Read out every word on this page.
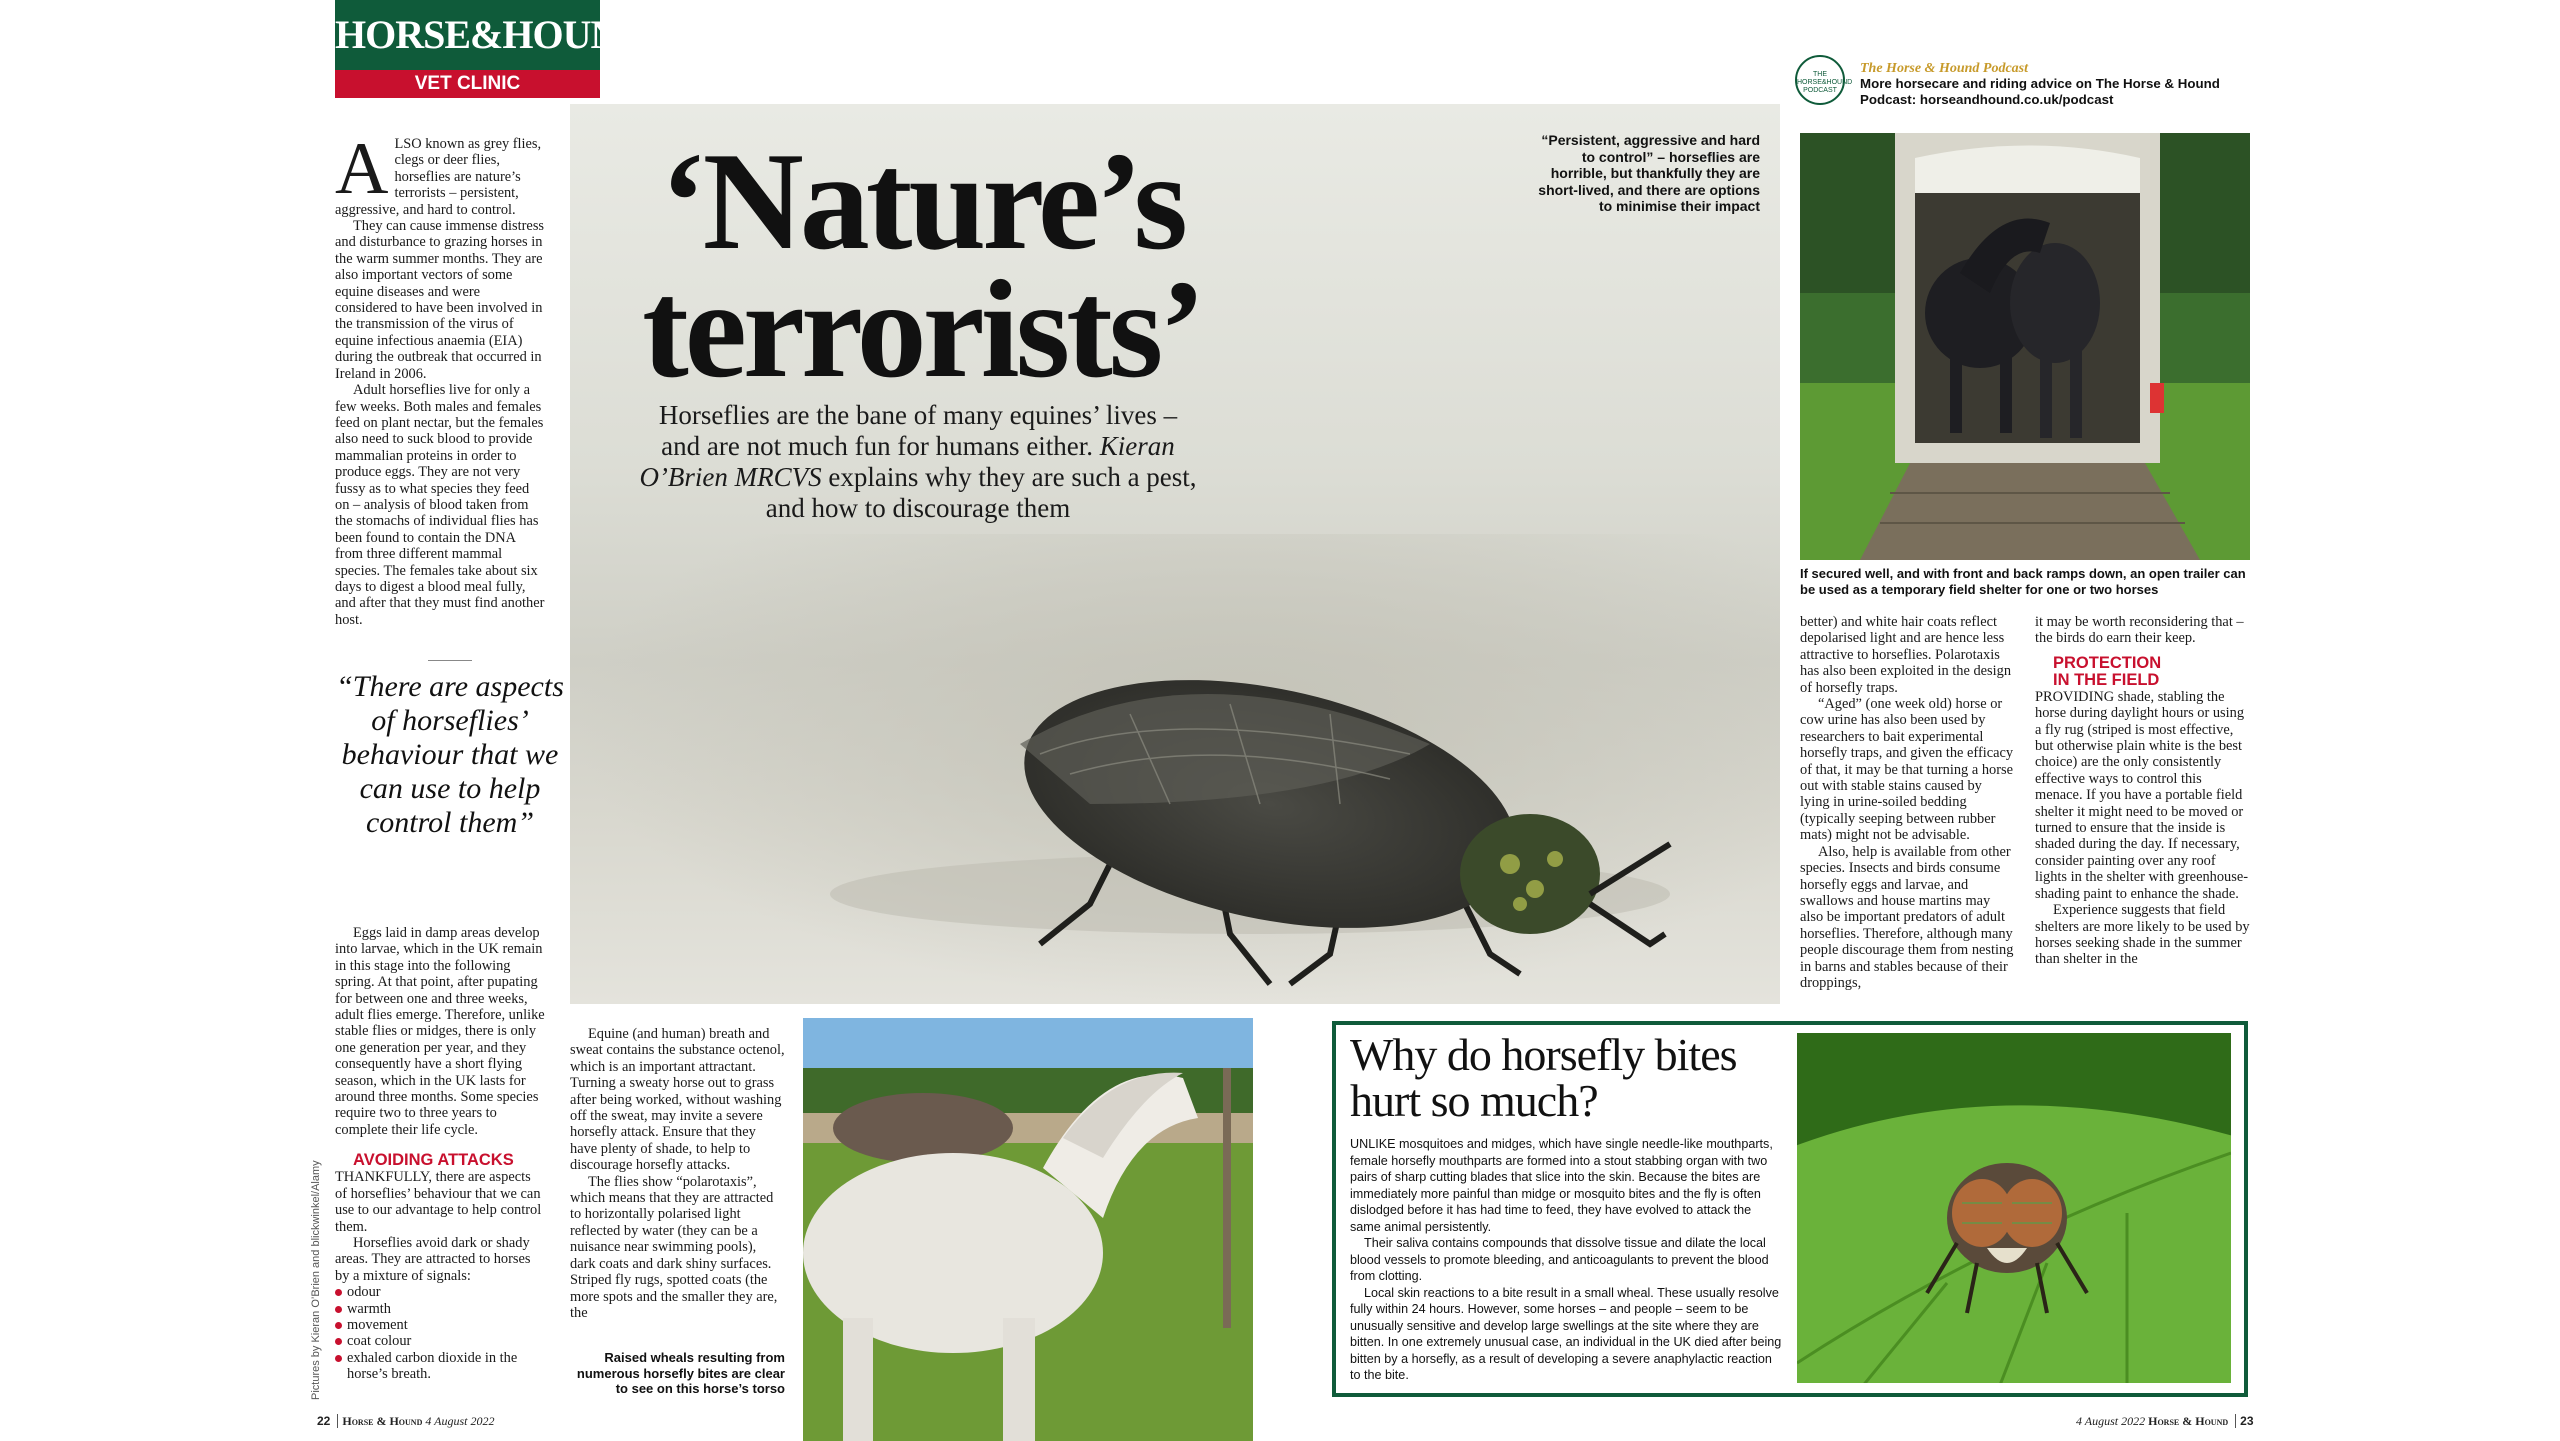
HORSE&HOUND
VET CLINIC
‘Nature’s
terrorists’
Horseflies are the bane of many equines’ lives – and are not much fun for humans either. Kieran O’Brien MRCVS explains why they are such a pest, and how to discourage them
“Persistent, aggressive and hard to control” – horseflies are horrible, but thankfully they are short-lived, and there are options to minimise their impact

ALSO known as grey flies, clegs or deer flies, horseflies are nature’s terrorists – persistent, aggressive, and hard to control.

They can cause immense distress and disturbance to grazing horses in the warm summer months. They are also important vectors of some equine diseases and were considered to have been involved in the transmission of the virus of equine infectious anaemia (EIA) during the outbreak that occurred in Ireland in 2006.

Adult horseflies live for only a few weeks. Both males and females feed on plant nectar, but the females also need to suck blood to provide mammalian proteins in order to produce eggs. They are not very fussy as to what species they feed on – analysis of blood taken from the stomachs of individual flies has been found to contain the DNA from three different mammal species. The females take about six days to digest a blood meal fully, and after that they must find another host.

“There are aspects of horseflies’ behaviour that we can use to help control them”

Eggs laid in damp areas develop into larvae, which in the UK remain in this stage into the following spring. At that point, after pupating for between one and three weeks, adult flies emerge. Therefore, unlike stable flies or midges, there is only one generation per year, and they consequently have a short flying season, which in the UK lasts for around three months. Some species require two to three years to complete their life cycle.

AVOIDING ATTACKS

THANKFULLY, there are aspects of horseflies’ behaviour that we can use to our advantage to help control them.

Horseflies avoid dark or shady areas. They are attracted to horses by a mixture of signals:

odour
warmth
movement
coat colour
exhaled carbon dioxide in the horse’s breath.
Pictures by Kieran O’Brien and blickwinkel/Alamy

Equine (and human) breath and sweat contains the substance octenol, which is an important attractant. Turning a sweaty horse out to grass after being worked, without washing off the sweat, may invite a severe horsefly attack. Ensure that they have plenty of shade, to help to discourage horsefly attacks.

The flies show “polarotaxis”, which means that they are attracted to horizontally polarised light reflected by water (they can be a nuisance near swimming pools), dark coats and dark shiny surfaces. Striped fly rugs, spotted coats (the more spots and the smaller they are, the

Raised wheals resulting from numerous horsefly bites are clear to see on this horse’s torso
THE HORSE&HOUND PODCAST
The Horse & Hound Podcast
More horsecare and riding advice on The Horse & Hound Podcast: horseandhound.co.uk/podcast
If secured well, and with front and back ramps down, an open trailer can be used as a temporary field shelter for one or two horses

better) and white hair coats reflect depolarised light and are hence less attractive to horseflies. Polarotaxis has also been exploited in the design of horsefly traps.

“Aged” (one week old) horse or cow urine has also been used by researchers to bait experimental horsefly traps, and given the efficacy of that, it may be that turning a horse out with stable stains caused by lying in urine-soiled bedding (typically seeping between rubber mats) might not be advisable.

Also, help is available from other species. Insects and birds consume horsefly eggs and larvae, and swallows and house martins may also be important predators of adult horseflies. Therefore, although many people discourage them from nesting in barns and stables because of their droppings,

it may be worth reconsidering that – the birds do earn their keep.

PROTECTION

IN THE FIELD

PROVIDING shade, stabling the horse during daylight hours or using a fly rug (striped is most effective, but otherwise plain white is the best choice) are the only consistently effective ways to control this menace. If you have a portable field shelter it might need to be moved or turned to ensure that the inside is shaded during the day. If necessary, consider painting over any roof lights in the shelter with greenhouse-shading paint to enhance the shade.

Experience suggests that field shelters are more likely to be used by horses seeking shade in the summer than shelter in the

Why do horsefly bites
hurt so much?

UNLIKE mosquitoes and midges, which have single needle-like mouthparts, female horsefly mouthparts are formed into a stout stabbing organ with two pairs of sharp cutting blades that slice into the skin. Because the bites are immediately more painful than midge or mosquito bites and the fly is often dislodged before it has had time to feed, they have evolved to attack the same animal persistently.

Their saliva contains compounds that dissolve tissue and dilate the local blood vessels to promote bleeding, and anticoagulants to prevent the blood from clotting.

Local skin reactions to a bite result in a small wheal. These usually resolve fully within 24 hours. However, some horses – and people – seem to be unusually sensitive and develop large swellings at the site where they are bitten. In one extremely unusual case, an individual in the UK died after being bitten by a horsefly, as a result of developing a severe anaphylactic reaction to the bite.

22 Horse & Hound 4 August 2022	4 August 2022 Horse & Hound 23
